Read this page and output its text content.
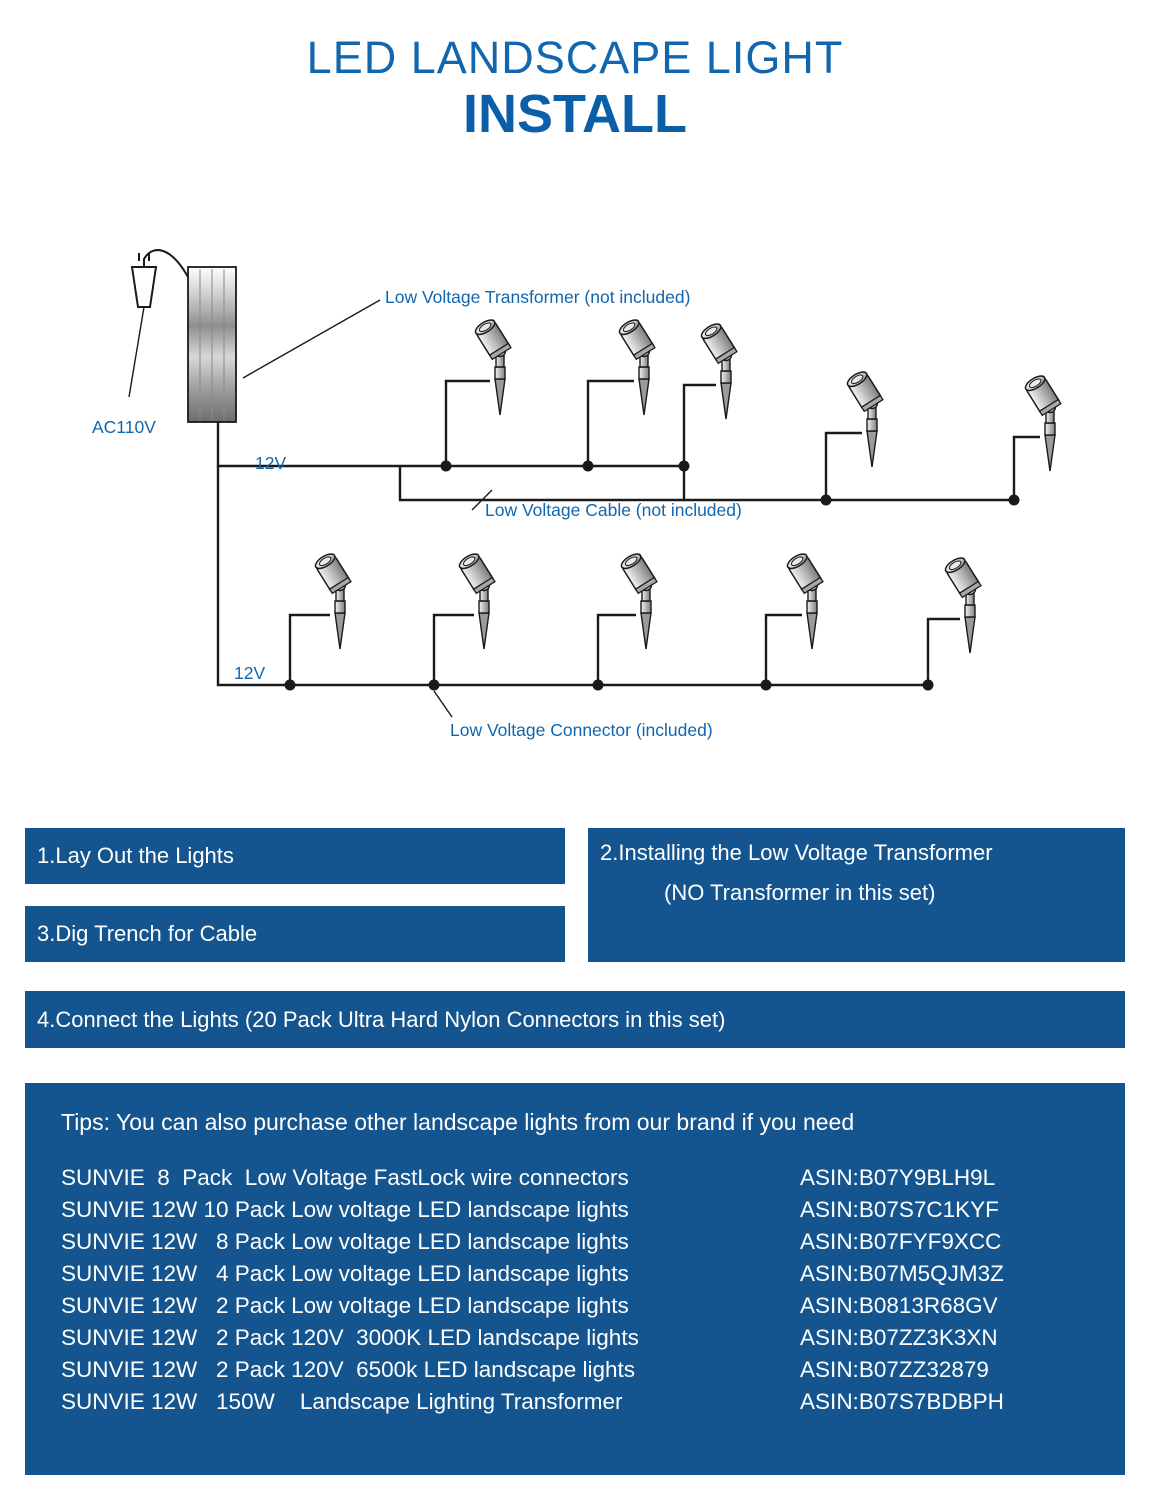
LED LANDSCAPE LIGHT
INSTALL
Low Voltage Transformer (not included)
AC110V
12V
Low Voltage Cable (not included)
12V
Low Voltage Connector (included)
1.Lay Out the Lights
3.Dig Trench for Cable
2.Installing the Low Voltage Transformer
(NO Transformer in this set)
4.Connect the Lights (20 Pack Ultra Hard Nylon Connectors in this set)
Tips: You can also purchase other landscape lights from our brand if you need
SUNVIE  8  Pack  Low Voltage FastLock wire connectors	ASIN:B07Y9BLH9L
SUNVIE 12W 10 Pack Low voltage LED landscape lights	ASIN:B07S7C1KYF
SUNVIE 12W   8 Pack Low voltage LED landscape lights	ASIN:B07FYF9XCC
SUNVIE 12W   4 Pack Low voltage LED landscape lights	ASIN:B07M5QJM3Z
SUNVIE 12W   2 Pack Low voltage LED landscape lights	ASIN:B0813R68GV
SUNVIE 12W   2 Pack 120V  3000K LED landscape lights	ASIN:B07ZZ3K3XN
SUNVIE 12W   2 Pack 120V  6500k LED landscape lights	ASIN:B07ZZ32879
SUNVIE 12W   150W    Landscape Lighting Transformer	ASIN:B07S7BDBPH
